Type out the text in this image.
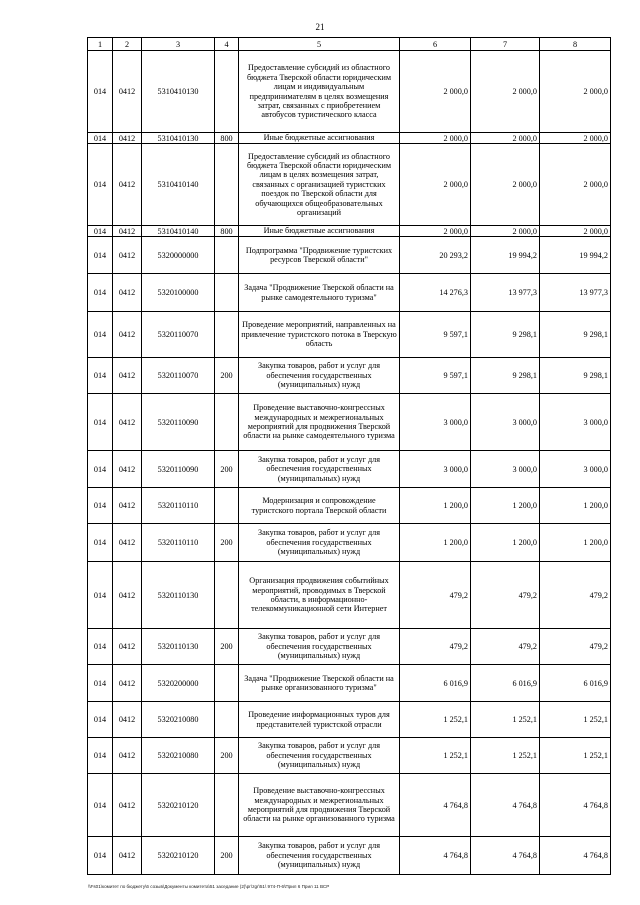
21
1	2	3	4	5	6	7	8
014	0412	5310410130		Предоставление субсидий из областного бюджета Тверской области юридическим лицам и индивидуальным предпринимателям в целях возмещения затрат, связанных с приобретением автобусов туристического класса	2 000,0	2 000,0	2 000,0
014	0412	5310410130	800	Иные бюджетные ассигнования	2 000,0	2 000,0	2 000,0
014	0412	5310410140		Предоставление субсидий из областного бюджета Тверской области юридическим лицам в целях возмещения затрат, связанных с организацией туристских поездок по Тверской области для обучающихся общеобразовательных организаций	2 000,0	2 000,0	2 000,0
014	0412	5310410140	800	Иные бюджетные ассигнования	2 000,0	2 000,0	2 000,0
014	0412	5320000000		Подпрограмма "Продвижение туристских ресурсов Тверской области"	20 293,2	19 994,2	19 994,2
014	0412	5320100000		Задача "Продвижение Тверской области на рынке самодеятельного туризма"	14 276,3	13 977,3	13 977,3
014	0412	5320110070		Проведение мероприятий, направленных на привлечение туристского потока в Тверскую область	9 597,1	9 298,1	9 298,1
014	0412	5320110070	200	Закупка товаров, работ и услуг для обеспечения государственных (муниципальных) нужд	9 597,1	9 298,1	9 298,1
014	0412	5320110090		Проведение выставочно-конгрессных международных и межрегиональных мероприятий для продвижения Тверской области на рынке самодеятельного туризма	3 000,0	3 000,0	3 000,0
014	0412	5320110090	200	Закупка товаров, работ и услуг для обеспечения государственных (муниципальных) нужд	3 000,0	3 000,0	3 000,0
014	0412	5320110110		Модернизация и сопровождение туристского портала Тверской области	1 200,0	1 200,0	1 200,0
014	0412	5320110110	200	Закупка товаров, работ и услуг для обеспечения государственных (муниципальных) нужд	1 200,0	1 200,0	1 200,0
014	0412	5320110130		Организация продвижения событийных мероприятий, проводимых в Тверской области, в информационно-телекоммуникационной сети Интернет	479,2	479,2	479,2
014	0412	5320110130	200	Закупка товаров, работ и услуг для обеспечения государственных (муниципальных) нужд	479,2	479,2	479,2
014	0412	5320200000		Задача "Продвижение Тверской области на рынке организованного туризма"	6 016,9	6 016,9	6 016,9
014	0412	5320210080		Проведение информационных туров для представителей туристской отрасли	1 252,1	1 252,1	1 252,1
014	0412	5320210080	200	Закупка товаров, работ и услуг для обеспечения государственных (муниципальных) нужд	1 252,1	1 252,1	1 252,1
014	0412	5320210120		Проведение выставочно-конгрессных международных и межрегиональных мероприятий для продвижения Тверской области на рынке организованного туризма	4 764,8	4 764,8	4 764,8
014	0412	5320210120	200	Закупка товаров, работ и услуг для обеспечения государственных (муниципальных) нужд	4 764,8	4 764,8	4 764,8
\\Fs01\комитет по бюджету\6 созыв\Документы комитета\51 заседание (2)\рг\zgr\51\ 974-П-6\Прил 6 Прил 11 ВСР
